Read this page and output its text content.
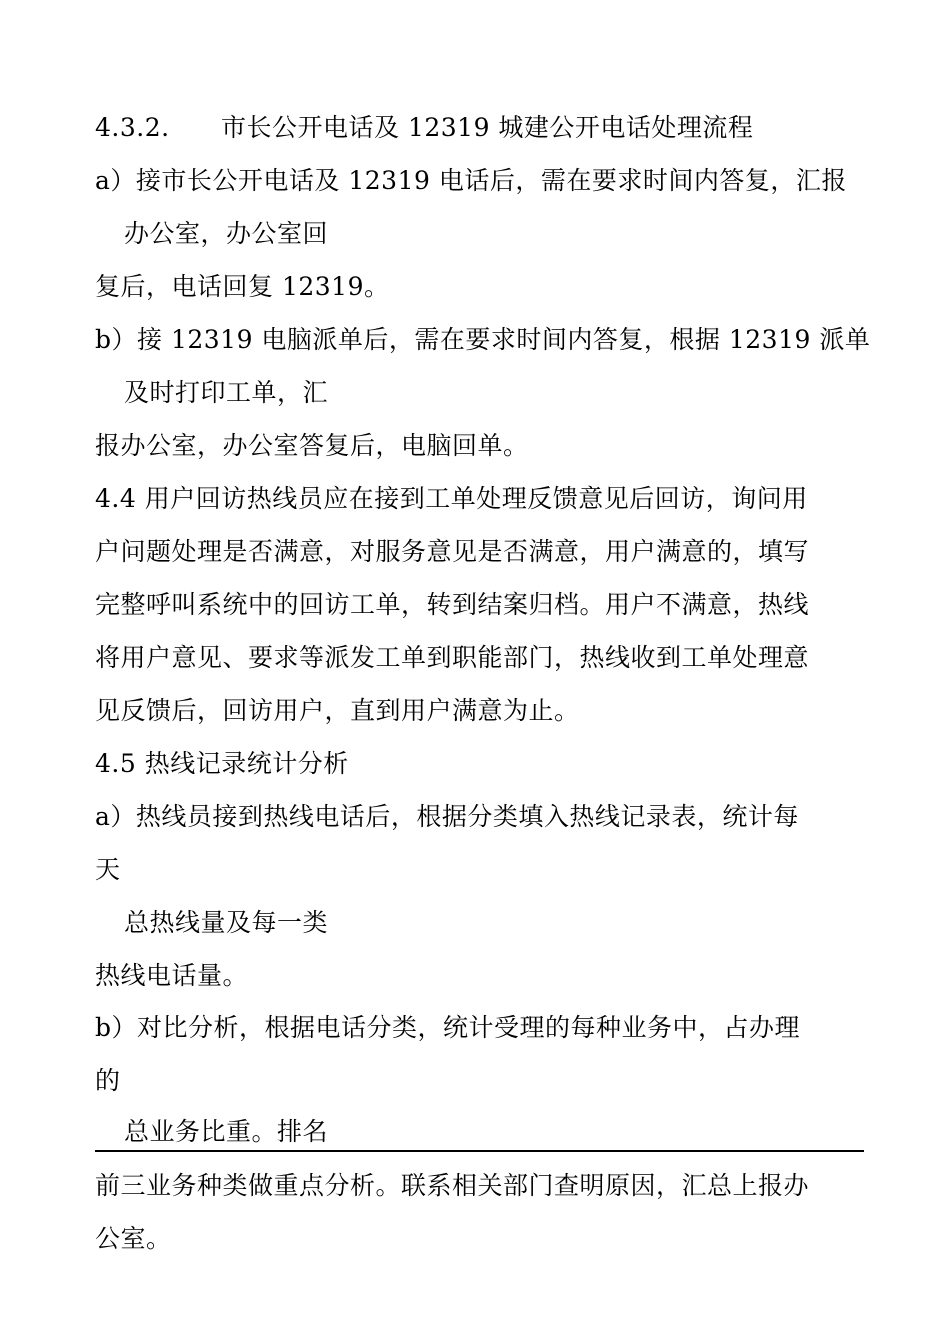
4.3.2. 市长公开电话及 12319 城建公开电话处理流程
a）接市长公开电话及 12319 电话后，需在要求时间内答复，汇报
办公室，办公室回
复后，电话回复 12319。
b）接 12319 电脑派单后，需在要求时间内答复，根据 12319 派单
及时打印工单，汇
报办公室，办公室答复后，电脑回单。
4.4 用户回访热线员应在接到工单处理反馈意见后回访，询问用
户问题处理是否满意，对服务意见是否满意，用户满意的，填写
完整呼叫系统中的回访工单，转到结案归档。用户不满意，热线
将用户意见、要求等派发工单到职能部门，热线收到工单处理意
见反馈后，回访用户，直到用户满意为止。
4.5 热线记录统计分析
a）热线员接到热线电话后，根据分类填入热线记录表，统计每
天
总热线量及每一类
热线电话量。
b）对比分析，根据电话分类，统计受理的每种业务中，占办理
的
总业务比重。排名
前三业务种类做重点分析。联系相关部门查明原因，汇总上报办
公室。
